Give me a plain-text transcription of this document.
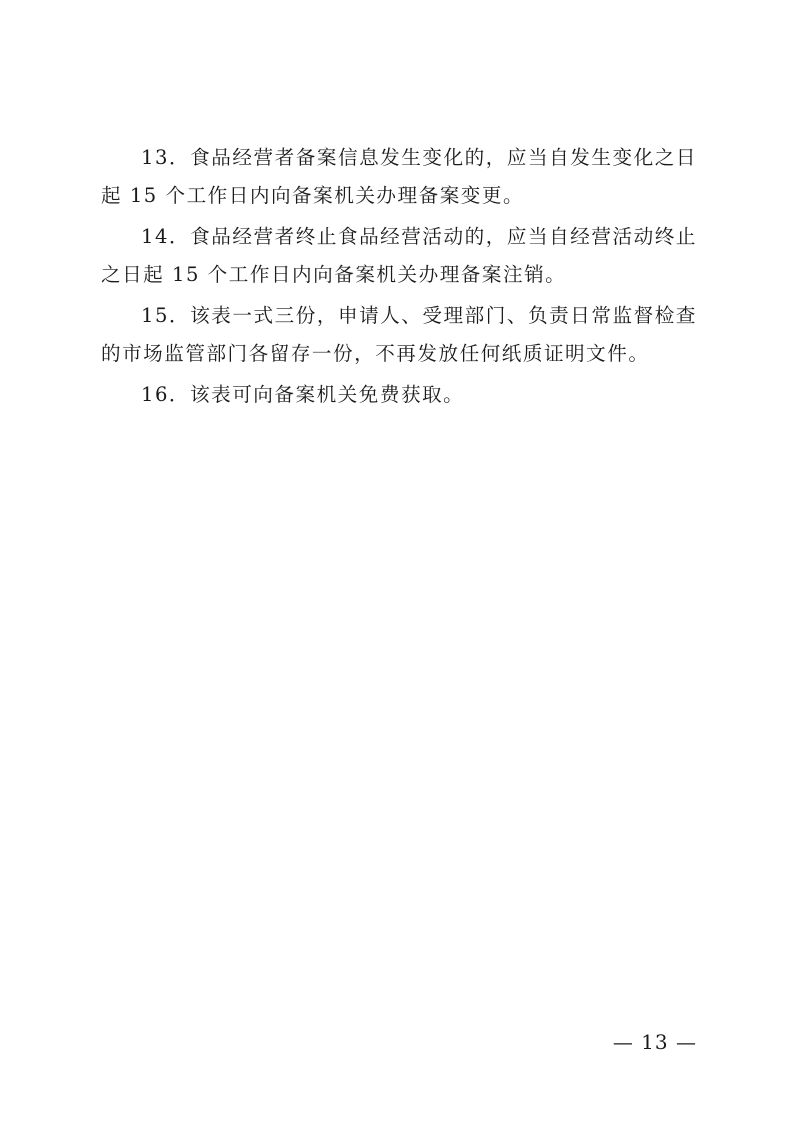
13．食品经营者备案信息发生变化的，应当自发生变化之日起 15 个工作日内向备案机关办理备案变更。

14．食品经营者终止食品经营活动的，应当自经营活动终止之日起 15 个工作日内向备案机关办理备案注销。

15．该表一式三份，申请人、受理部门、负责日常监督检查的市场监管部门各留存一份，不再发放任何纸质证明文件。

16．该表可向备案机关免费获取。

— 13 —
